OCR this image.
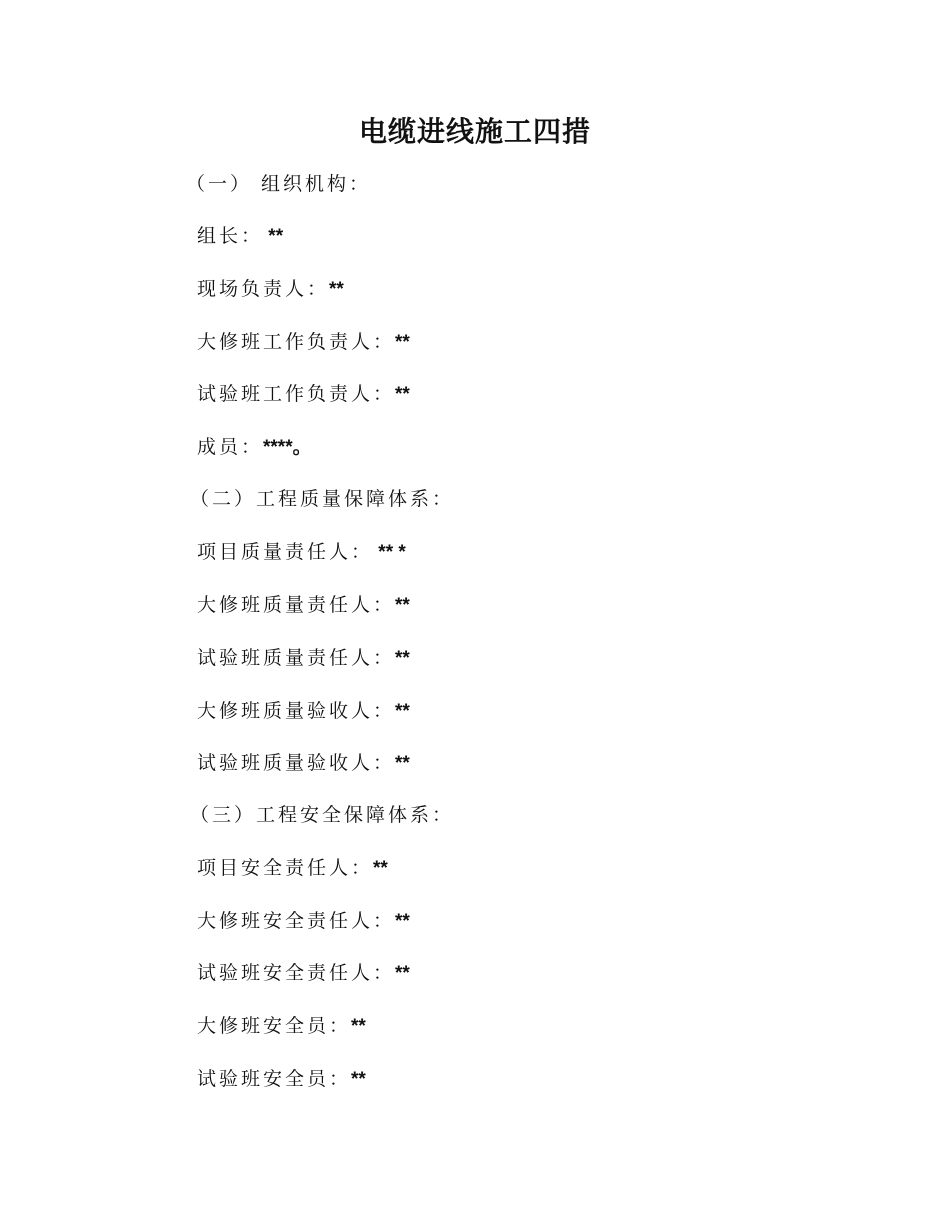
电缆进线施工四措
（一） 组织机构：
组长： **
现场负责人：**
大修班工作负责人：**
试验班工作负责人：**
成员：****。
（二）工程质量保障体系：
项目质量责任人： ** *
大修班质量责任人：**
试验班质量责任人：**
大修班质量验收人：**
试验班质量验收人：**
（三）工程安全保障体系：
项目安全责任人：**
大修班安全责任人：**
试验班安全责任人：**
大修班安全员：**
试验班安全员：**
